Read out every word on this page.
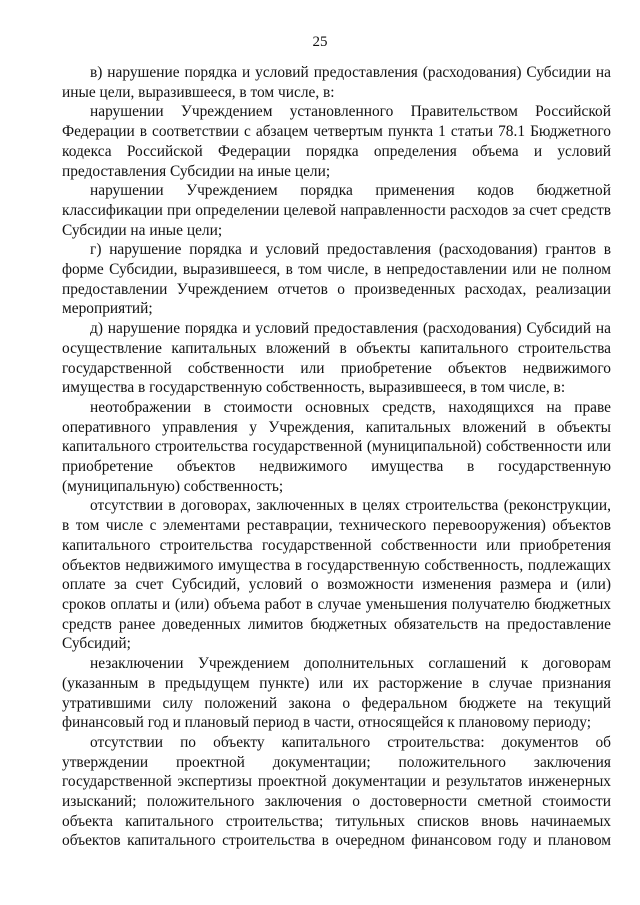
25

в) нарушение порядка и условий предоставления (расходования) Субсидии на иные цели, выразившееся, в том числе, в:

нарушении Учреждением установленного Правительством Российской Федерации в соответствии с абзацем четвертым пункта 1 статьи 78.1 Бюджетного кодекса Российской Федерации порядка определения объема и условий предоставления Субсидии на иные цели;

нарушении Учреждением порядка применения кодов бюджетной классификации при определении целевой направленности расходов за счет средств Субсидии на иные цели;

г) нарушение порядка и условий предоставления (расходования) грантов в форме Субсидии, выразившееся, в том числе, в непредоставлении или не полном предоставлении Учреждением отчетов о произведенных расходах, реализации мероприятий;

д) нарушение порядка и условий предоставления (расходования) Субсидий на осуществление капитальных вложений в объекты капитального строительства государственной собственности или приобретение объектов недвижимого имущества в государственную собственность, выразившееся, в том числе, в:

неотображении в стоимости основных средств, находящихся на праве оперативного управления у Учреждения, капитальных вложений в объекты капитального строительства государственной (муниципальной) собственности или приобретение объектов недвижимого имущества в государственную (муниципальную) собственность;

отсутствии в договорах, заключенных в целях строительства (реконструкции, в том числе с элементами реставрации, технического перевооружения) объектов капитального строительства государственной собственности или приобретения объектов недвижимого имущества в государственную собственность, подлежащих оплате за счет Субсидий, условий о возможности изменения размера и (или) сроков оплаты и (или) объема работ в случае уменьшения получателю бюджетных средств ранее доведенных лимитов бюджетных обязательств на предоставление Субсидий;

незаключении Учреждением дополнительных соглашений к договорам (указанным в предыдущем пункте) или их расторжение в случае признания утратившими силу положений закона о федеральном бюджете на текущий финансовый год и плановый период в части, относящейся к плановому периоду;

отсутствии по объекту капитального строительства: документов об утверждении проектной документации; положительного заключения государственной экспертизы проектной документации и результатов инженерных изысканий; положительного заключения о достоверности сметной стоимости объекта капитального строительства; титульных списков вновь начинаемых объектов капитального строительства в очередном финансовом году и плановом
